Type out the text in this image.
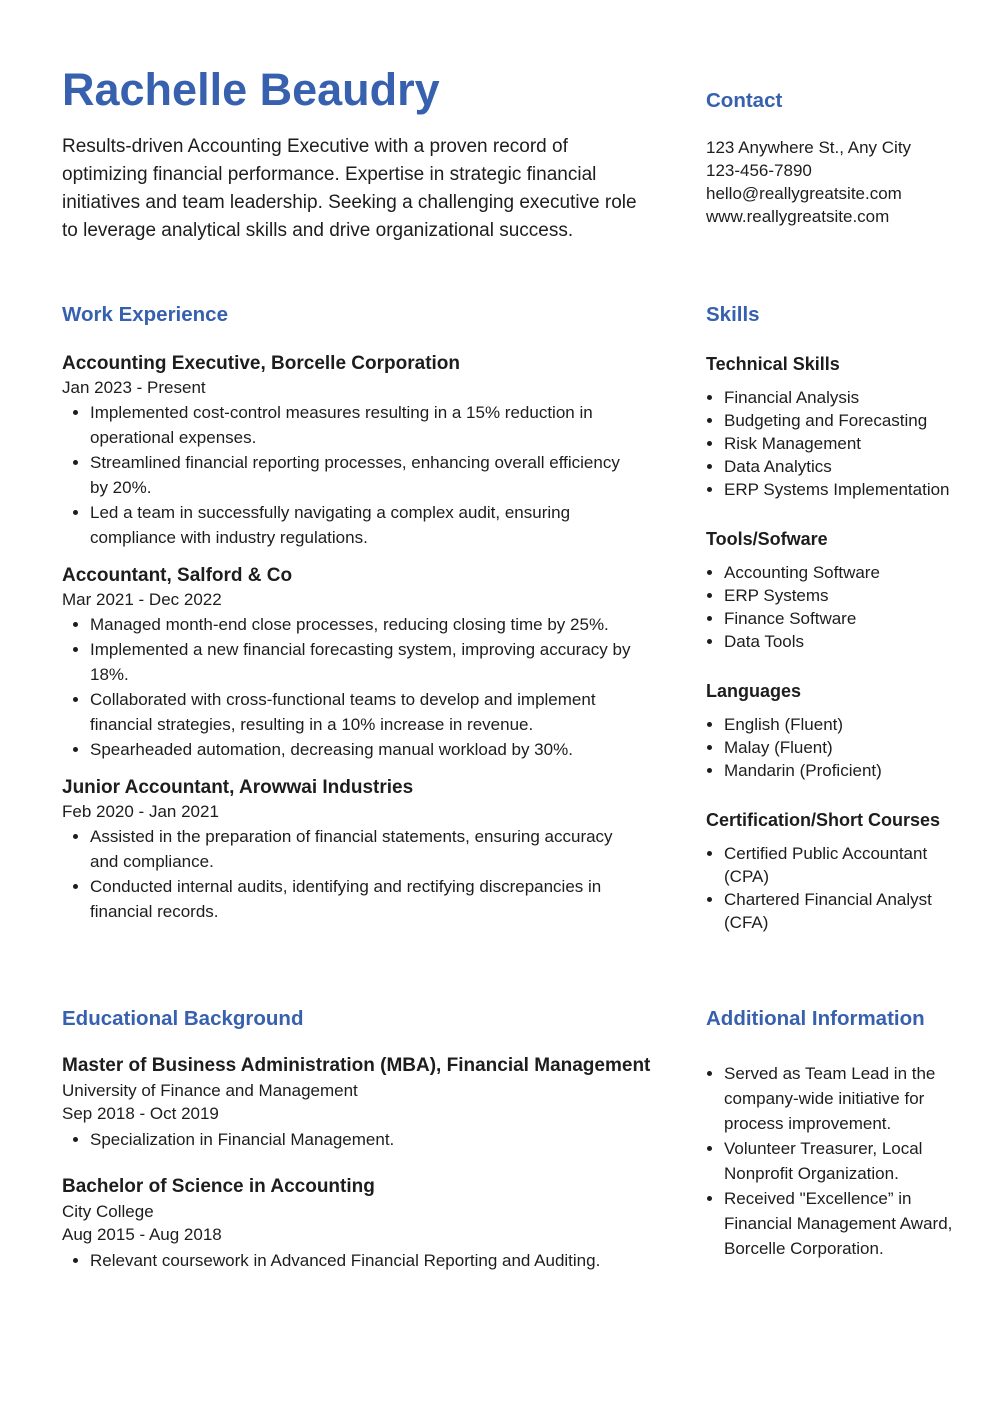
Rachelle Beaudry

Results-driven Accounting Executive with a proven record of optimizing financial performance. Expertise in strategic financial initiatives and team leadership. Seeking a challenging executive role to leverage analytical skills and drive organizational success.

Contact
123 Anywhere St., Any City
123-456-7890
hello@reallygreatsite.com
www.reallygreatsite.com
Work Experience
Accounting Executive, Borcelle Corporation
Jan 2023 - Present
• Implemented cost-control measures resulting in a 15% reduction in operational expenses.
• Streamlined financial reporting processes, enhancing overall efficiency by 20%.
• Led a team in successfully navigating a complex audit, ensuring compliance with industry regulations.
Accountant, Salford & Co
Mar 2021 - Dec 2022
• Managed month-end close processes, reducing closing time by 25%.
• Implemented a new financial forecasting system, improving accuracy by 18%.
• Collaborated with cross-functional teams to develop and implement financial strategies, resulting in a 10% increase in revenue.
• Spearheaded automation, decreasing manual workload by 30%.
Junior Accountant, Arowwai Industries
Feb 2020 - Jan 2021
• Assisted in the preparation of financial statements, ensuring accuracy and compliance.
• Conducted internal audits, identifying and rectifying discrepancies in financial records.
Skills
Technical Skills
• Financial Analysis
• Budgeting and Forecasting
• Risk Management
• Data Analytics
• ERP Systems Implementation
Tools/Sofware
• Accounting Software
• ERP Systems
• Finance Software
• Data Tools
Languages
• English (Fluent)
• Malay (Fluent)
• Mandarin (Proficient)
Certification/Short Courses
• Certified Public Accountant (CPA)
• Chartered Financial Analyst (CFA)
Educational Background
Master of Business Administration (MBA), Financial Management
University of Finance and Management
Sep 2018 - Oct 2019
• Specialization in Financial Management.
Bachelor of Science in Accounting
City College
Aug 2015 - Aug 2018
• Relevant coursework in Advanced Financial Reporting and Auditing.
Additional Information
• Served as Team Lead in the company-wide initiative for process improvement.
• Volunteer Treasurer, Local Nonprofit Organization.
• Received "Excellence” in Financial Management Award, Borcelle Corporation.
